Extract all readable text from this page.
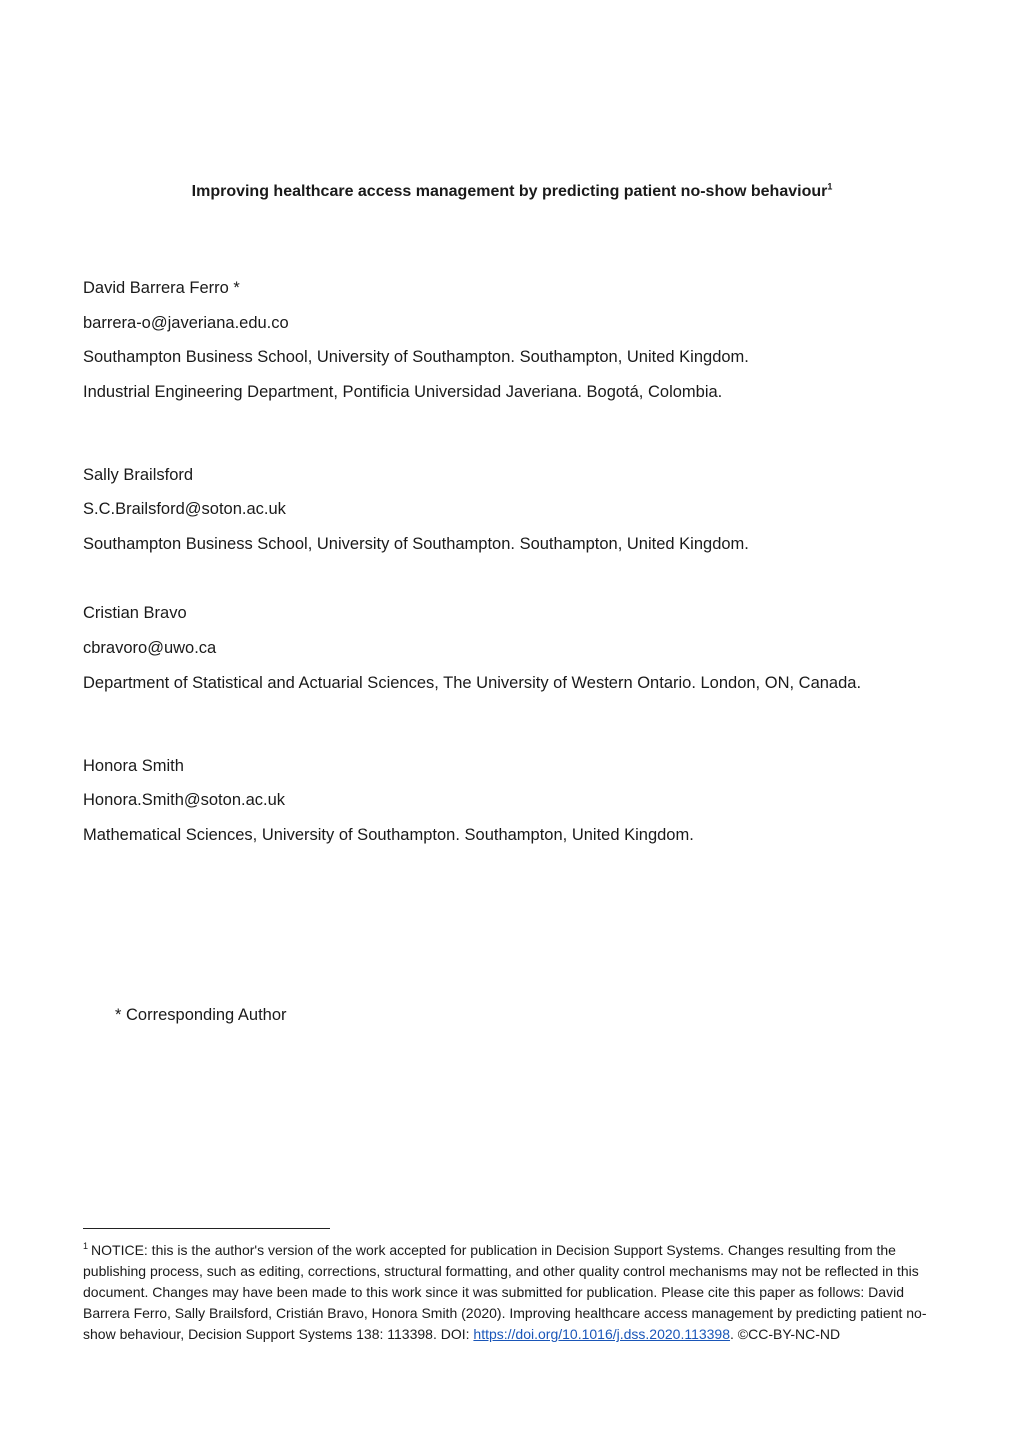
Improving healthcare access management by predicting patient no-show behaviour$^1$
David Barrera Ferro *
barrera-o@javeriana.edu.co
Southampton Business School, University of Southampton. Southampton, United Kingdom.
Industrial Engineering Department, Pontificia Universidad Javeriana. Bogotá, Colombia.
Sally Brailsford
S.C.Brailsford@soton.ac.uk
Southampton Business School, University of Southampton. Southampton, United Kingdom.
Cristian Bravo
cbravoro@uwo.ca
Department of Statistical and Actuarial Sciences, The University of Western Ontario. London, ON, Canada.
Honora Smith
Honora.Smith@soton.ac.uk
Mathematical Sciences, University of Southampton. Southampton, United Kingdom.
* Corresponding Author
$^1$ NOTICE: this is the author's version of the work accepted for publication in Decision Support Systems. Changes resulting from the publishing process, such as editing, corrections, structural formatting, and other quality control mechanisms may not be reflected in this document. Changes may have been made to this work since it was submitted for publication. Please cite this paper as follows: David Barrera Ferro, Sally Brailsford, Cristián Bravo, Honora Smith (2020). Improving healthcare access management by predicting patient no-show behaviour, Decision Support Systems 138: 113398. DOI: https://doi.org/10.1016/j.dss.2020.113398. ©CC-BY-NC-ND
